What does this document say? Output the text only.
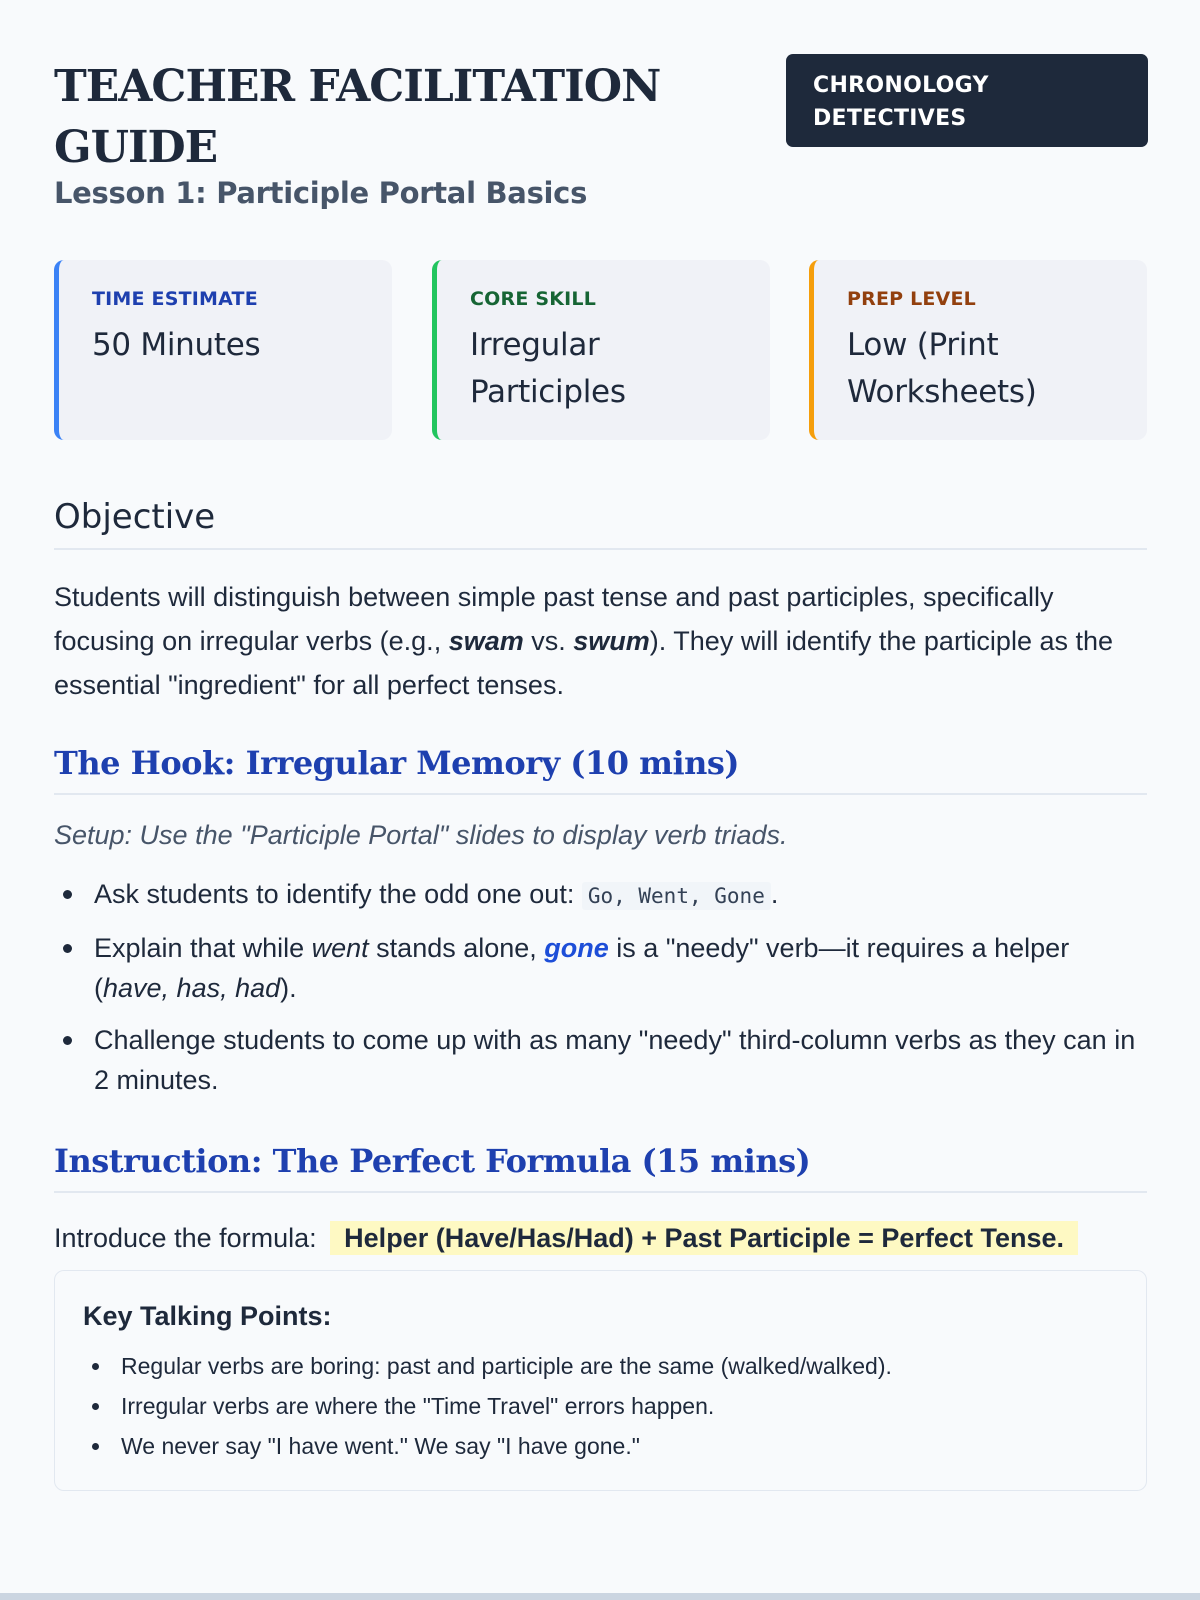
TEACHER FACILITATION GUIDE
Lesson 1: Participle Portal Basics
CHRONOLOGY DETECTIVES
TIME ESTIMATE
50 Minutes
CORE SKILL
Irregular Participles
PREP LEVEL
Low (Print Worksheets)
Objective

Students will distinguish between simple past tense and past participles, specifically focusing on irregular verbs (e.g., swam vs. swum). They will identify the participle as the essential "ingredient" for all perfect tenses.

The Hook: Irregular Memory (10 mins)

Setup: Use the "Participle Portal" slides to display verb triads.

Ask students to identify the odd one out: Go, Went, Gone .
Explain that while went stands alone, gone is a "needy" verb—it requires a helper (have, has, had).
Challenge students to come up with as many "needy" third-column verbs as they can in 2 minutes.
Instruction: The Perfect Formula (15 mins)

Introduce the formula: Helper (Have/Has/Had) + Past Participle = Perfect Tense.

Key Talking Points:
Regular verbs are boring: past and participle are the same (walked/walked).
Irregular verbs are where the "Time Travel" errors happen.
We never say "I have went." We say "I have gone."
